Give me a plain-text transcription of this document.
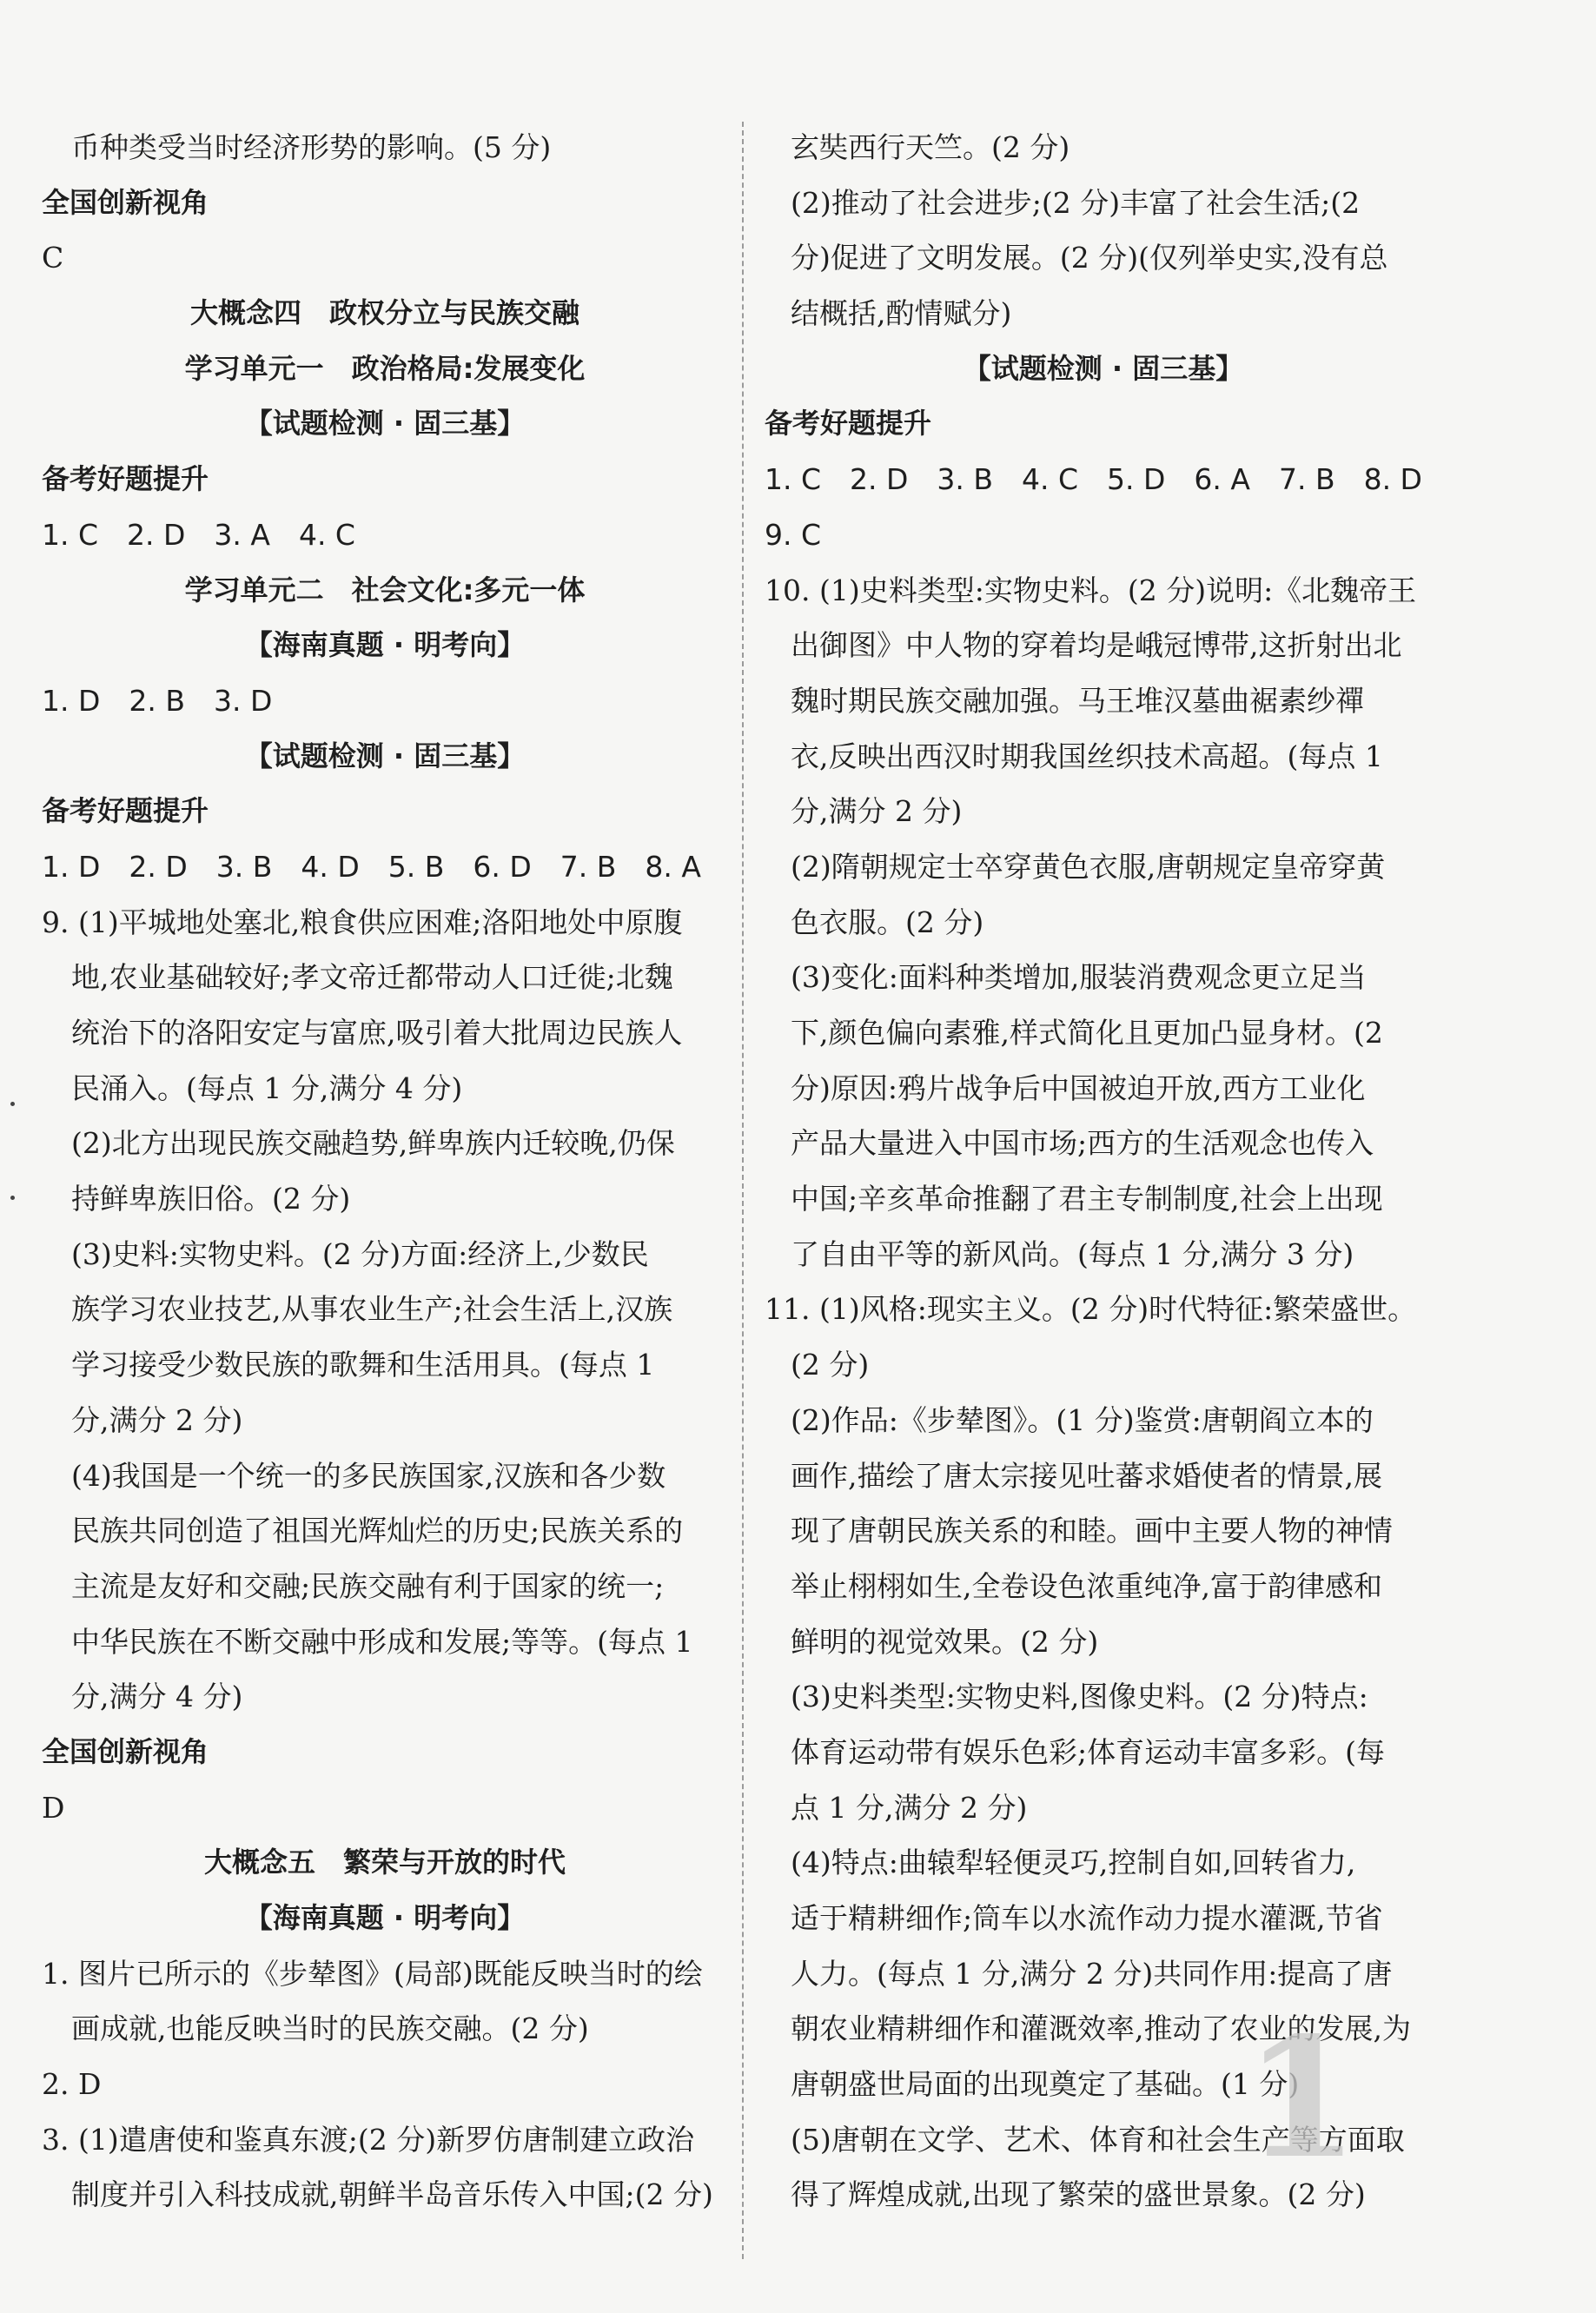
币种类受当时经济形势的影响。(5 分)
全国创新视角
C
大概念四　政权分立与民族交融
学习单元一　政治格局:发展变化
【试题检测 · 固三基】
备考好题提升
1. C　2. D　3. A　4. C
学习单元二　社会文化:多元一体
【海南真题 · 明考向】
1. D　2. B　3. D
【试题检测 · 固三基】
备考好题提升
1. D　2. D　3. B　4. D　5. B　6. D　7. B　8. A
9. (1)平城地处塞北,粮食供应困难;洛阳地处中原腹
地,农业基础较好;孝文帝迁都带动人口迁徙;北魏
统治下的洛阳安定与富庶,吸引着大批周边民族人
民涌入。(每点 1 分,满分 4 分)
(2)北方出现民族交融趋势,鲜卑族内迁较晚,仍保
持鲜卑族旧俗。(2 分)
(3)史料:实物史料。(2 分)方面:经济上,少数民
族学习农业技艺,从事农业生产;社会生活上,汉族
学习接受少数民族的歌舞和生活用具。(每点 1
分,满分 2 分)
(4)我国是一个统一的多民族国家,汉族和各少数
民族共同创造了祖国光辉灿烂的历史;民族关系的
主流是友好和交融;民族交融有利于国家的统一;
中华民族在不断交融中形成和发展;等等。(每点 1
分,满分 4 分)
全国创新视角
D
大概念五　繁荣与开放的时代
【海南真题 · 明考向】
1. 图片已所示的《步辇图》(局部)既能反映当时的绘
画成就,也能反映当时的民族交融。(2 分)
2. D
3. (1)遣唐使和鉴真东渡;(2 分)新罗仿唐制建立政治
制度并引入科技成就,朝鲜半岛音乐传入中国;(2 分)
玄奘西行天竺。(2 分)
(2)推动了社会进步;(2 分)丰富了社会生活;(2
分)促进了文明发展。(2 分)(仅列举史实,没有总
结概括,酌情赋分)
【试题检测 · 固三基】
备考好题提升
1. C　2. D　3. B　4. C　5. D　6. A　7. B　8. D
9. C
10. (1)史料类型:实物史料。(2 分)说明:《北魏帝王
出御图》中人物的穿着均是峨冠博带,这折射出北
魏时期民族交融加强。马王堆汉墓曲裾素纱禪
衣,反映出西汉时期我国丝织技术高超。(每点 1
分,满分 2 分)
(2)隋朝规定士卒穿黄色衣服,唐朝规定皇帝穿黄
色衣服。(2 分)
(3)变化:面料种类增加,服装消费观念更立足当
下,颜色偏向素雅,样式简化且更加凸显身材。(2
分)原因:鸦片战争后中国被迫开放,西方工业化
产品大量进入中国市场;西方的生活观念也传入
中国;辛亥革命推翻了君主专制制度,社会上出现
了自由平等的新风尚。(每点 1 分,满分 3 分)
11. (1)风格:现实主义。(2 分)时代特征:繁荣盛世。
(2 分)
(2)作品:《步辇图》。(1 分)鉴赏:唐朝阎立本的
画作,描绘了唐太宗接见吐蕃求婚使者的情景,展
现了唐朝民族关系的和睦。画中主要人物的神情
举止栩栩如生,全卷设色浓重纯净,富于韵律感和
鲜明的视觉效果。(2 分)
(3)史料类型:实物史料,图像史料。(2 分)特点:
体育运动带有娱乐色彩;体育运动丰富多彩。(每
点 1 分,满分 2 分)
(4)特点:曲辕犁轻便灵巧,控制自如,回转省力,
适于精耕细作;筒车以水流作动力提水灌溉,节省
人力。(每点 1 分,满分 2 分)共同作用:提高了唐
朝农业精耕细作和灌溉效率,推动了农业的发展,为
唐朝盛世局面的出现奠定了基础。(1 分)
(5)唐朝在文学、艺术、体育和社会生产等方面取
得了辉煌成就,出现了繁荣的盛世景象。(2 分)
1
